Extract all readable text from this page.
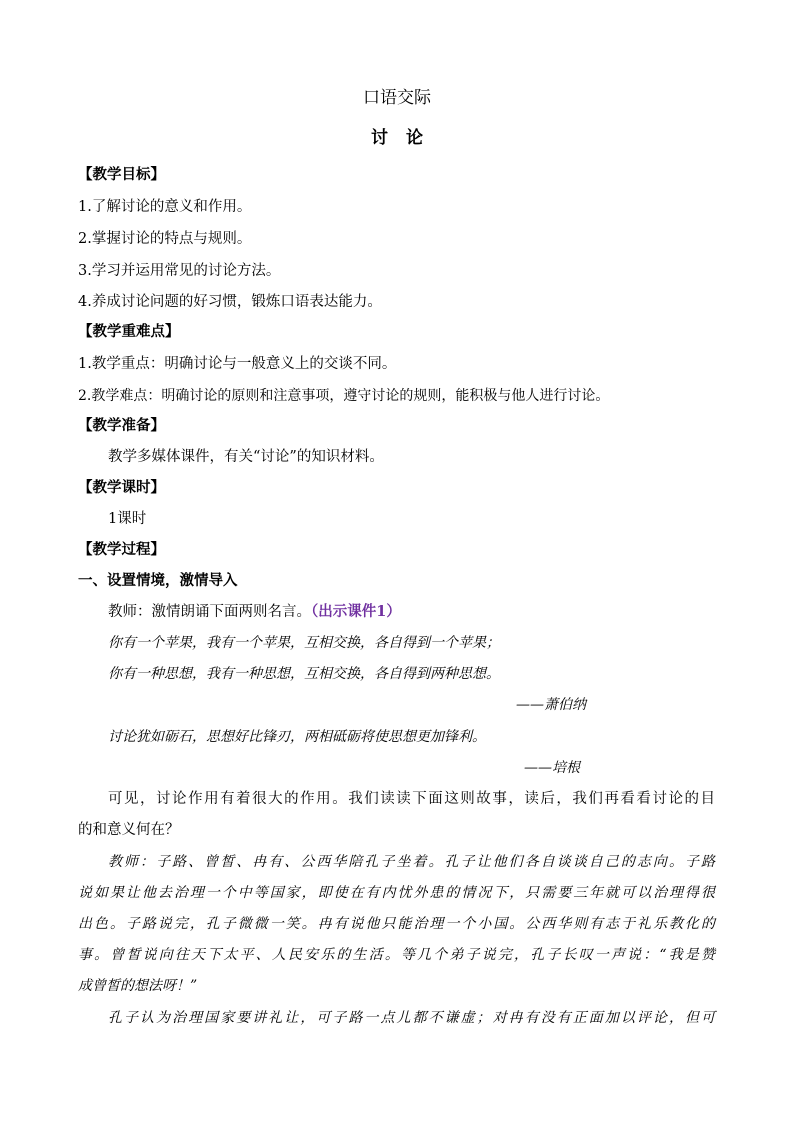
口语交际
讨论
【教学目标】
1.了解讨论的意义和作用。
2.掌握讨论的特点与规则。
3.学习并运用常见的讨论方法。
4.养成讨论问题的好习惯，锻炼口语表达能力。
【教学重难点】
1.教学重点：明确讨论与一般意义上的交谈不同。
2.教学难点：明确讨论的原则和注意事项，遵守讨论的规则，能积极与他人进行讨论。
【教学准备】
教学多媒体课件，有关“讨论”的知识材料。
【教学课时】
1课时
【教学过程】
一、设置情境，激情导入
教师：激情朗诵下面两则名言。（出示课件1）
你有一个苹果，我有一个苹果，互相交换，各自得到一个苹果；
你有一种思想，我有一种思想，互相交换，各自得到两种思想。
——萧伯纳
讨论犹如砺石，思想好比锋刃，两相砥砺将使思想更加锋利。
——培根
可见，讨论作用有着很大的作用。我们读读下面这则故事，读后，我们再看看讨论的目
的和意义何在？
教师：子路、曾皙、冉有、公西华陪孔子坐着。孔子让他们各自谈谈自己的志向。子路
说如果让他去治理一个中等国家，即使在有内忧外患的情况下，只需要三年就可以治理得很
出色。子路说完，孔子微微一笑。冉有说他只能治理一个小国。公西华则有志于礼乐教化的
事。曾皙说向往天下太平、人民安乐的生活。等几个弟子说完，孔子长叹一声说：“我是赞
成曾皙的想法呀！”
孔子认为治理国家要讲礼让，可子路一点儿都不谦虚；对冉有没有正面加以评论，但可
